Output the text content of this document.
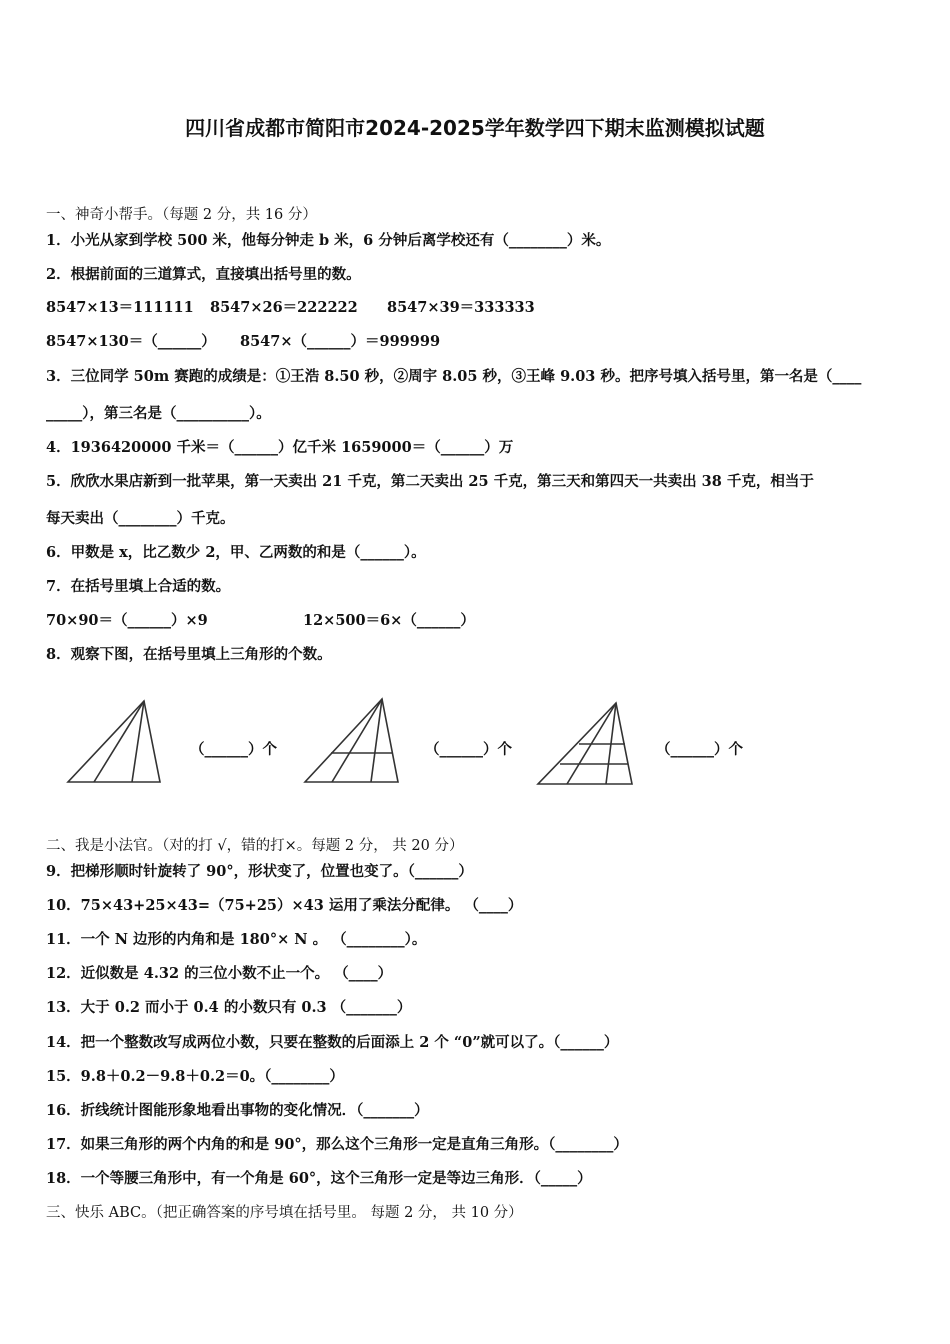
四川省成都市简阳市2024-2025学年数学四下期末监测模拟试题
一、神奇小帮手。（每题 2 分，共 16 分）
1．小光从家到学校 500 米，他每分钟走 b 米，6 分钟后离学校还有（________）米。
2．根据前面的三道算式，直接填出括号里的数。
8547×13＝111111 8547×26＝222222 8547×39＝333333
8547×130＝（______） 8547×（______）＝999999
3．三位同学 50m 赛跑的成绩是：①王浩 8.50 秒，②周宇 8.05 秒，③王峰 9.03 秒。把序号填入括号里，第一名是（____
_____），第三名是（__________）。
4．1936420000 千米＝（______）亿千米 1659000＝（______）万
5．欣欣水果店新到一批苹果，第一天卖出 21 千克，第二天卖出 25 千克，第三天和第四天一共卖出 38 千克，相当于
每天卖出（________）千克。
6．甲数是 x，比乙数少 2，甲、乙两数的和是（______）。
7．在括号里填上合适的数。
70×90＝（______）×9	12×500＝6×（______）
8．观察下图，在括号里填上三角形的个数。
（______）个	（______）个	（______）个
二、我是小法官。（对的打 √，错的打×。每题 2 分， 共 20 分）
9．把梯形顺时针旋转了 90°，形状变了，位置也变了。（______）
10．75×43+25×43=（75+25）×43 运用了乘法分配律。 （____）
11．一个 N 边形的内角和是 180°× N 。 （________）。
12．近似数是 4.32 的三位小数不止一个。 （____）
13．大于 0.2 而小于 0.4 的小数只有 0.3 （_______）
14．把一个整数改写成两位小数，只要在整数的后面添上 2 个 “0”就可以了。（______）
15．9.8＋0.2－9.8＋0.2＝0。（________）
16．折线统计图能形象地看出事物的变化情况．（_______）
17．如果三角形的两个内角的和是 90°，那么这个三角形一定是直角三角形。（________）
18．一个等腰三角形中，有一个角是 60°，这个三角形一定是等边三角形．（_____）
三、快乐 ABC。（把正确答案的序号填在括号里。 每题 2 分， 共 10 分）
